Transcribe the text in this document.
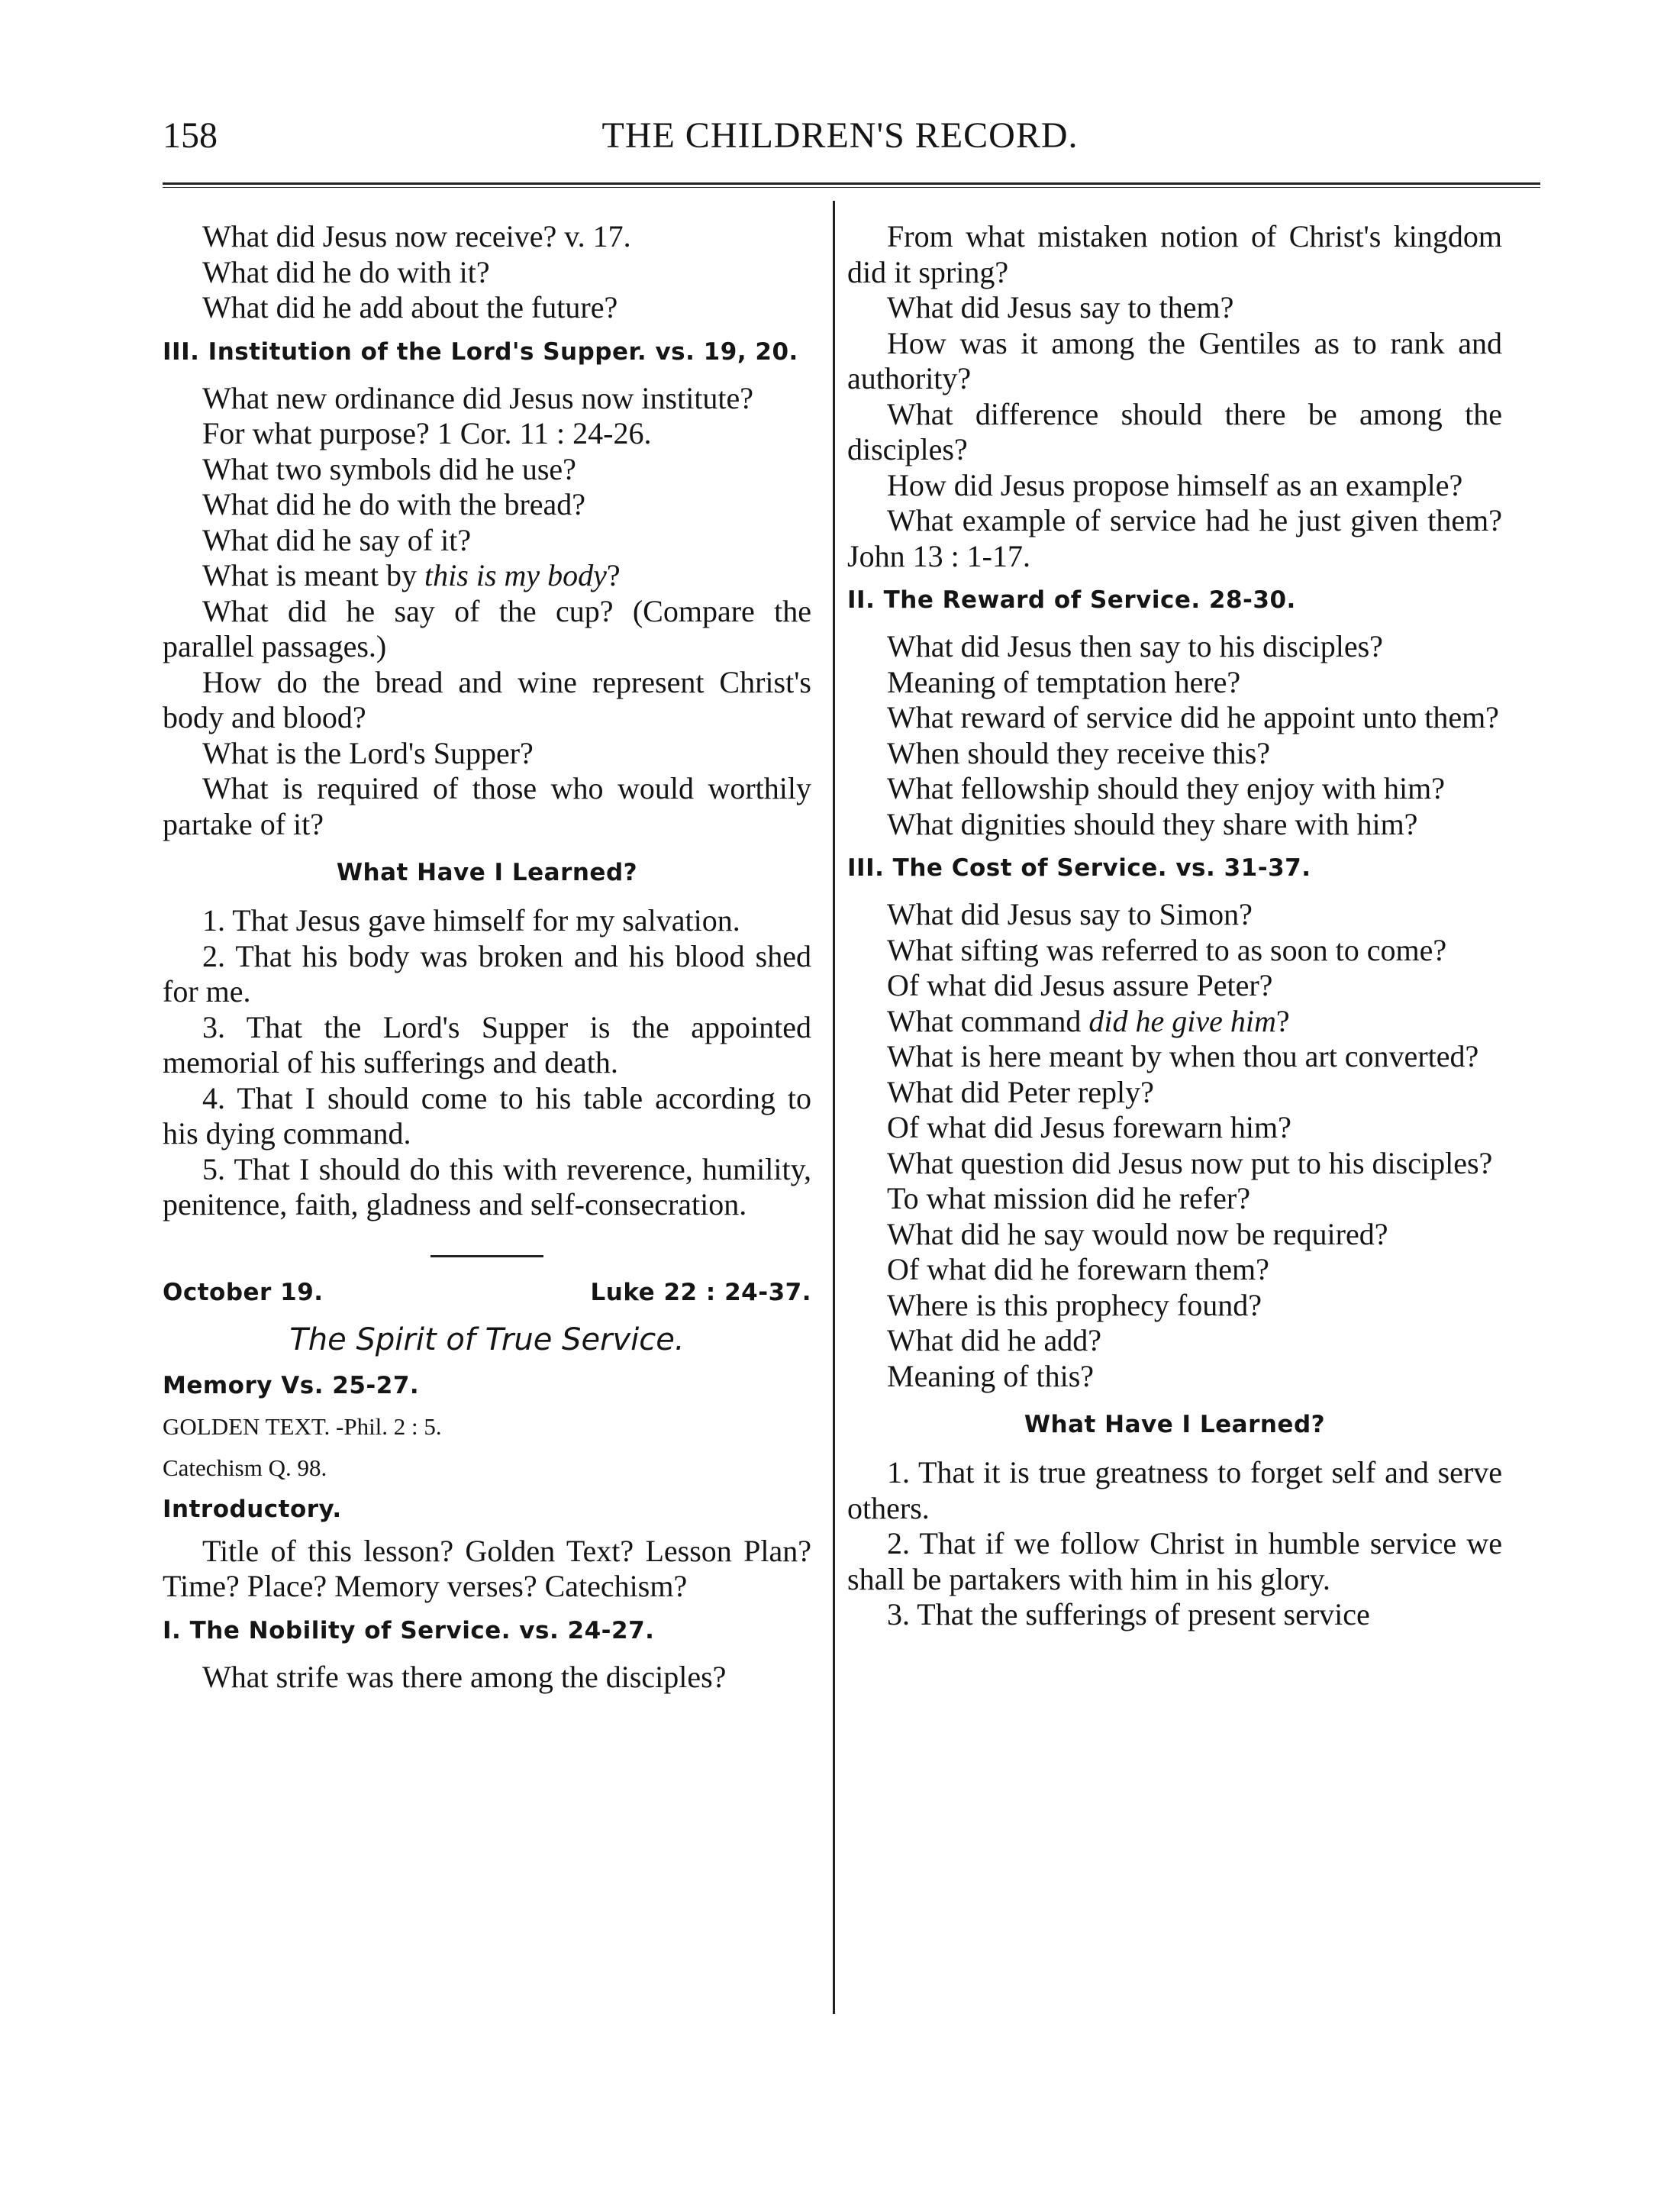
158	THE CHILDREN'S RECORD.

What did Jesus now receive? v. 17.

What did he do with it?

What did he add about the future?

III. Institution of the Lord's Supper. vs. 19, 20.

What new ordinance did Jesus now institute?

For what purpose? 1 Cor. 11 : 24-26.

What two symbols did he use?

What did he do with the bread?

What did he say of it?

What is meant by this is my body?

What did he say of the cup? (Compare the parallel passages.)

How do the bread and wine represent Christ's body and blood?

What is the Lord's Supper?

What is required of those who would worthily partake of it?

What Have I Learned?

1. That Jesus gave himself for my salvation.

2. That his body was broken and his blood shed for me.

3. That the Lord's Supper is the appointed memorial of his sufferings and death.

4. That I should come to his table according to his dying command.

5. That I should do this with reverence, humility, penitence, faith, gladness and self-consecration.

October 19.	Luke 22 : 24-37.

The Spirit of True Service.

Memory Vs. 25-27.

GOLDEN TEXT. -Phil. 2 : 5.

Catechism Q. 98.

Introductory.

Title of this lesson? Golden Text? Lesson Plan? Time? Place? Memory verses? Catechism?

I. The Nobility of Service. vs. 24-27.

What strife was there among the disciples?

From what mistaken notion of Christ's kingdom did it spring?

What did Jesus say to them?

How was it among the Gentiles as to rank and authority?

What difference should there be among the disciples?

How did Jesus propose himself as an example?

What example of service had he just given them? John 13 : 1-17.

II. The Reward of Service. 28-30.

What did Jesus then say to his disciples?

Meaning of temptation here?

What reward of service did he appoint unto them?

When should they receive this?

What fellowship should they enjoy with him?

What dignities should they share with him?

III. The Cost of Service. vs. 31-37.

What did Jesus say to Simon?

What sifting was referred to as soon to come?

Of what did Jesus assure Peter?

What command did he give him?

What is here meant by when thou art converted?

What did Peter reply?

Of what did Jesus forewarn him?

What question did Jesus now put to his disciples?

To what mission did he refer?

What did he say would now be required?

Of what did he forewarn them?

Where is this prophecy found?

What did he add?

Meaning of this?

What Have I Learned?

1. That it is true greatness to forget self and serve others.

2. That if we follow Christ in humble service we shall be partakers with him in his glory.

3. That the sufferings of present service
